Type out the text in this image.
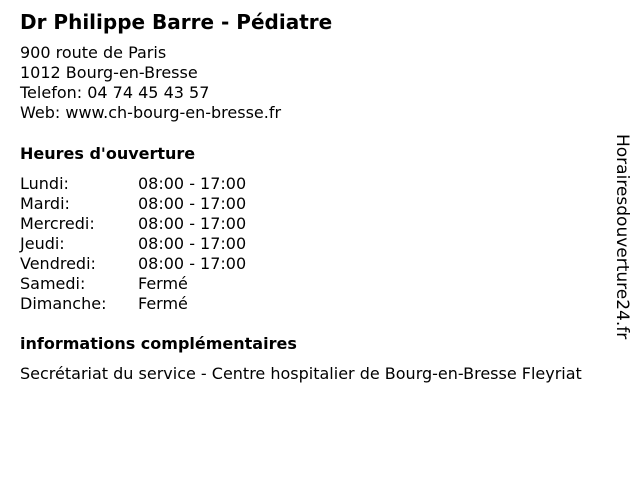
Dr Philippe Barre - Pédiatre
900 route de Paris
1012 Bourg-en-Bresse
Telefon: 04 74 45 43 57
Web: www.ch-bourg-en-bresse.fr
Heures d'ouverture
Lundi:	08:00 - 17:00
Mardi:	08:00 - 17:00
Mercredi:	08:00 - 17:00
Jeudi:	08:00 - 17:00
Vendredi:	08:00 - 17:00
Samedi:	Fermé
Dimanche:	Fermé
informations complémentaires
Secrétariat du service - Centre hospitalier de Bourg-en-Bresse Fleyriat
Horairesdouverture24.fr
